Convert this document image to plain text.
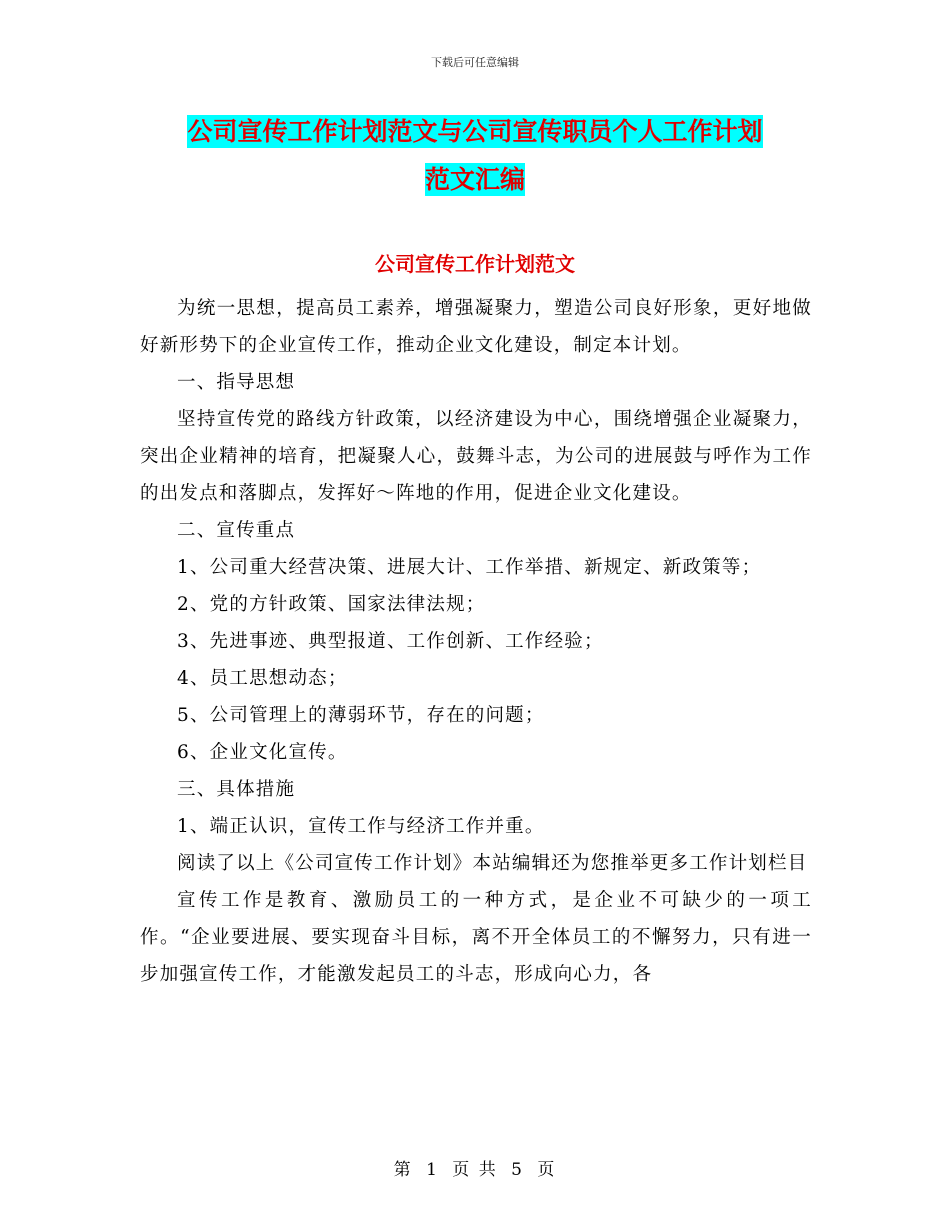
下载后可任意编辑
公司宣传工作计划范文与公司宣传职员个人工作计划
范文汇编
公司宣传工作计划范文

为统一思想，提高员工素养，增强凝聚力，塑造公司良好形象，更好地做好新形势下的企业宣传工作，推动企业文化建设，制定本计划。

一、指导思想

坚持宣传党的路线方针政策，以经济建设为中心，围绕增强企业凝聚力，突出企业精神的培育，把凝聚人心，鼓舞斗志，为公司的进展鼓与呼作为工作的出发点和落脚点，发挥好～阵地的作用，促进企业文化建设。

二、宣传重点

1、公司重大经营决策、进展大计、工作举措、新规定、新政策等；

2、党的方针政策、国家法律法规；

3、先进事迹、典型报道、工作创新、工作经验；

4、员工思想动态；

5、公司管理上的薄弱环节，存在的问题；

6、企业文化宣传。

三、具体措施

1、端正认识，宣传工作与经济工作并重。

阅读了以上《公司宣传工作计划》本站编辑还为您推举更多工作计划栏目

宣传工作是教育、激励员工的一种方式，是企业不可缺少的一项工作。“企业要进展、要实现奋斗目标，离不开全体员工的不懈努力，只有进一步加强宣传工作，才能激发起员工的斗志，形成向心力，各

第 1 页 共 5 页
